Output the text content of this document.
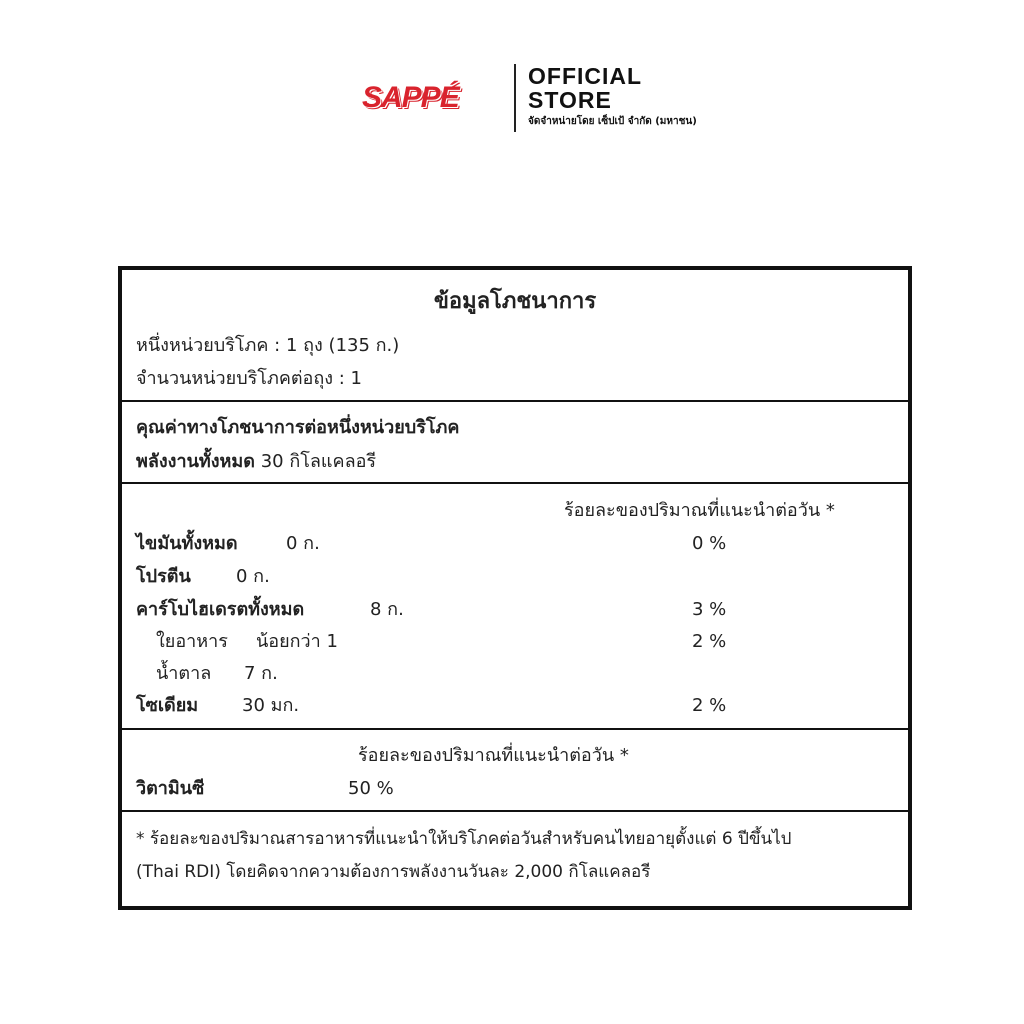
SAPPÉ
OFFICIAL
STORE
จัดจำหน่ายโดย เซ็ปเป้ จำกัด (มหาชน)
ข้อมูลโภชนาการ
หนึ่งหน่วยบริโภค : 1 ถุง (135 ก.)
จำนวนหน่วยบริโภคต่อถุง : 1
คุณค่าทางโภชนาการต่อหนึ่งหน่วยบริโภค
พลังงานทั้งหมด 30 กิโลแคลอรี
ร้อยละของปริมาณที่แนะนำต่อวัน *
ไขมันทั้งหมด	0 ก.	0 %
โปรตีน	0 ก.
คาร์โบไฮเดรตทั้งหมด	8 ก.	3 %
ใยอาหาร น้อยกว่า 1	2 %
น้ำตาล 7 ก.
โซเดียม 30 มก.	2 %
ร้อยละของปริมาณที่แนะนำต่อวัน *
วิตามินซี	50 %
* ร้อยละของปริมาณสารอาหารที่แนะนำให้บริโภคต่อวันสำหรับคนไทยอายุตั้งแต่ 6 ปีขึ้นไป
(Thai RDI) โดยคิดจากความต้องการพลังงานวันละ 2,000 กิโลแคลอรี
